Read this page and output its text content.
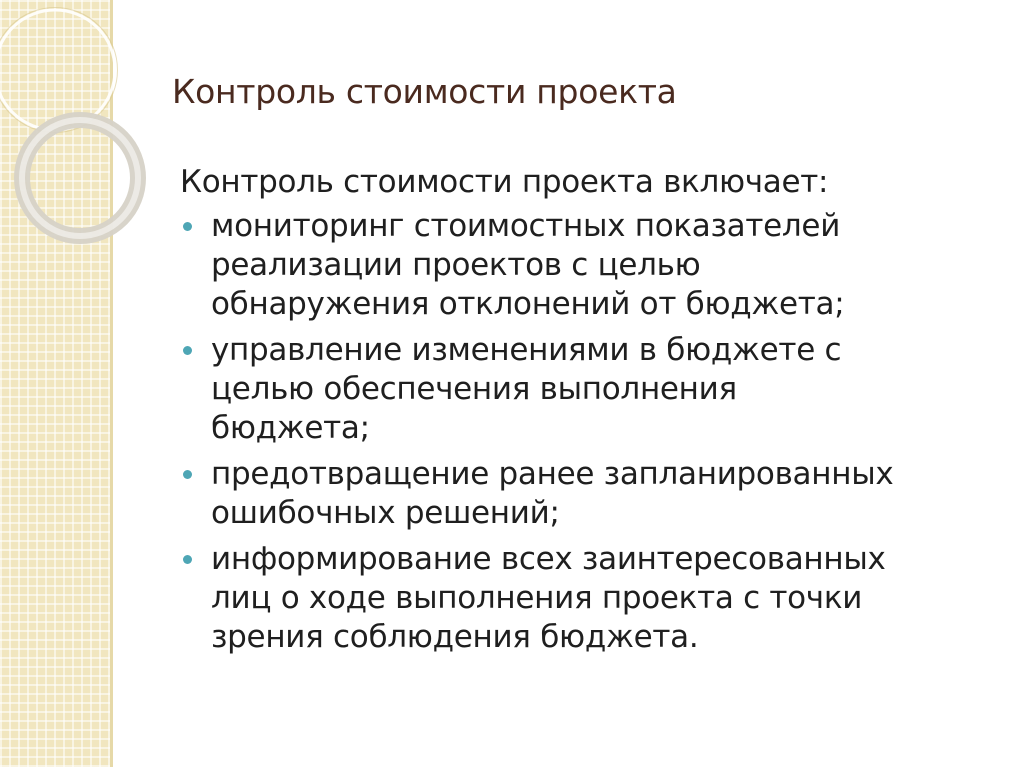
Контроль стоимости проекта

Контроль стоимости проекта включает:

мониторинг стоимостных показателей
реализации проектов с целью
обнаружения отклонений от бюджета;
управление изменениями в бюджете с
целью обеспечения выполнения
бюджета;
предотвращение ранее запланированных
ошибочных решений;
информирование всех заинтересованных
лиц о ходе выполнения проекта с точки
зрения соблюдения бюджета.
